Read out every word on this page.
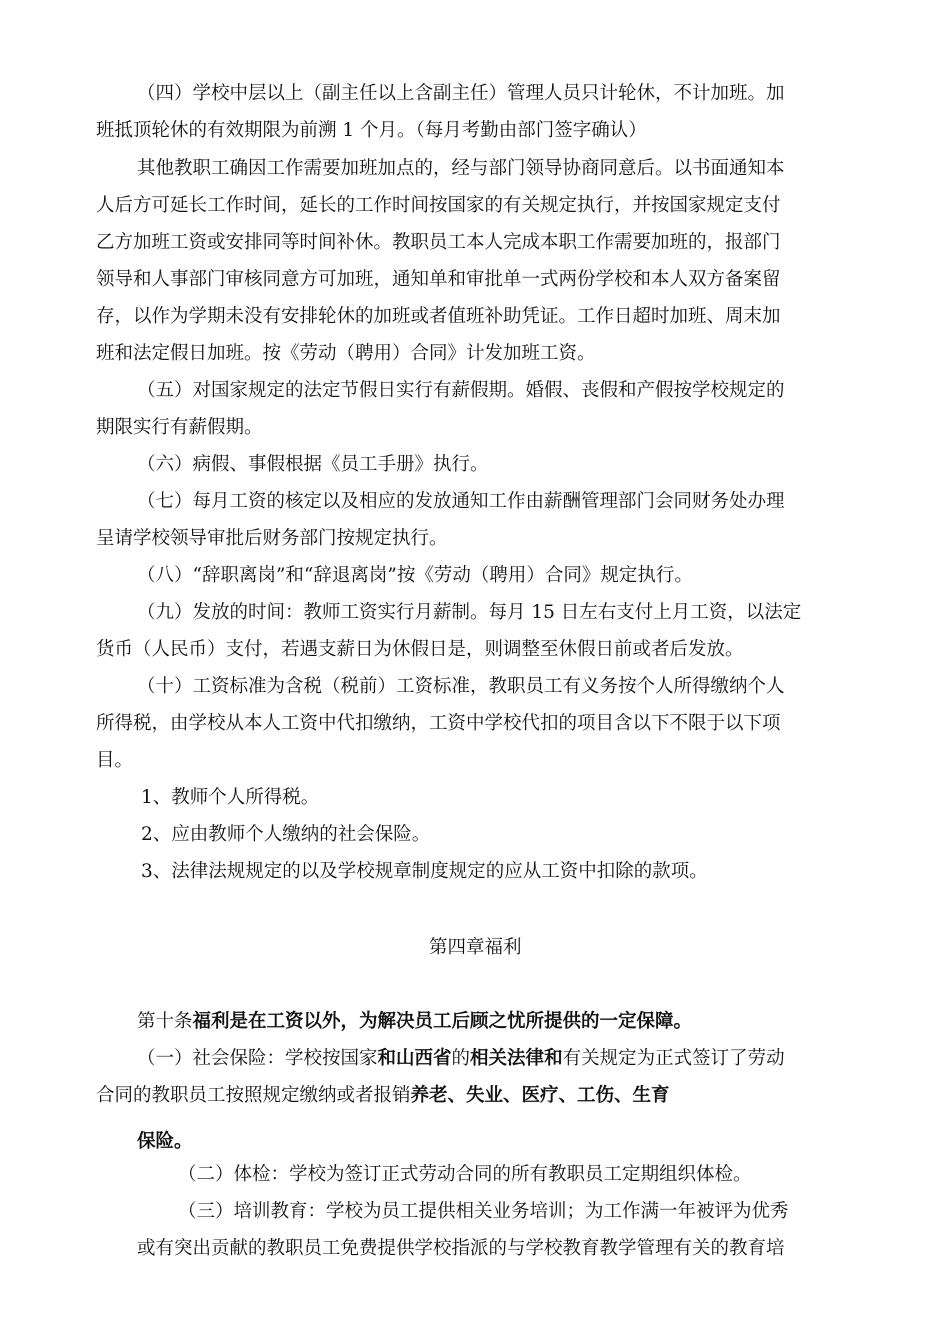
（四）学校中层以上（副主任以上含副主任）管理人员只计轮休，不计加班。加
班抵顶轮休的有效期限为前溯 1 个月。（每月考勤由部门签字确认）
其他教职工确因工作需要加班加点的，经与部门领导协商同意后。以书面通知本
人后方可延长工作时间，延长的工作时间按国家的有关规定执行，并按国家规定支付
乙方加班工资或安排同等时间补休。教职员工本人完成本职工作需要加班的，报部门
领导和人事部门审核同意方可加班，通知单和审批单一式两份学校和本人双方备案留
存，以作为学期未没有安排轮休的加班或者值班补助凭证。工作日超时加班、周末加
班和法定假日加班。按《劳动（聘用）合同》计发加班工资。
（五）对国家规定的法定节假日实行有薪假期。婚假、丧假和产假按学校规定的
期限实行有薪假期。
（六）病假、事假根据《员工手册》执行。
（七）每月工资的核定以及相应的发放通知工作由薪酬管理部门会同财务处办理
呈请学校领导审批后财务部门按规定执行。
（八）“辞职离岗”和“辞退离岗”按《劳动（聘用）合同》规定执行。
（九）发放的时间：教师工资实行月薪制。每月 15 日左右支付上月工资，以法定
货币（人民币）支付，若遇支薪日为休假日是，则调整至休假日前或者后发放。
（十）工资标准为含税（税前）工资标准，教职员工有义务按个人所得缴纳个人
所得税，由学校从本人工资中代扣缴纳，工资中学校代扣的项目含以下不限于以下项
目。
1、教师个人所得税。
2、应由教师个人缴纳的社会保险。
3、法律法规规定的以及学校规章制度规定的应从工资中扣除的款项。
第四章福利
第十条福利是在工资以外，为解决员工后顾之忧所提供的一定保障。
（一）社会保险：学校按国家和山西省的相关法律和有关规定为正式签订了劳动
合同的教职员工按照规定缴纳或者报销养老、失业、医疗、工伤、生育
保险。
（二）体检：学校为签订正式劳动合同的所有教职员工定期组织体检。
（三）培训教育：学校为员工提供相关业务培训；为工作满一年被评为优秀
或有突出贡献的教职员工免费提供学校指派的与学校教育教学管理有关的教育培
